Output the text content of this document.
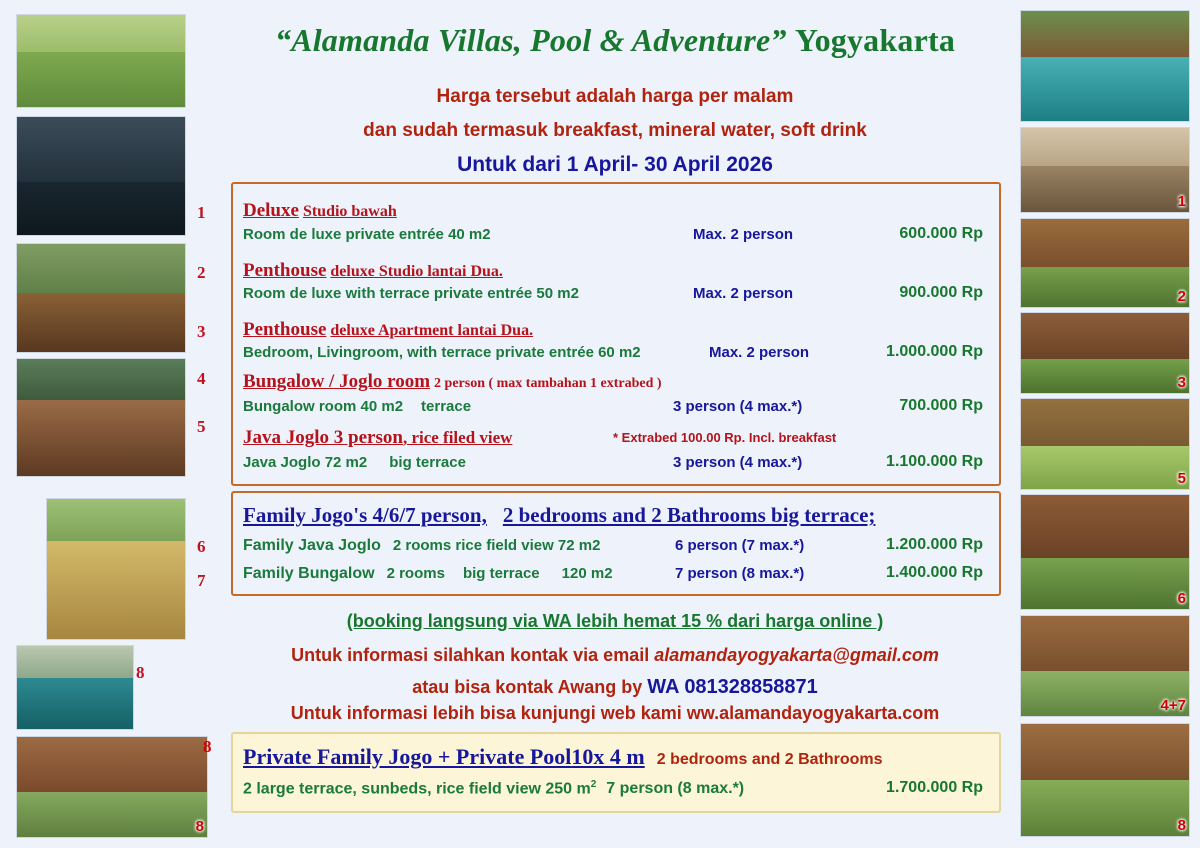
8
8
8
1
2
3
4
5
6
7
1
2
3
5
6
4+7
8
“Alamanda Villas, Pool & Adventure” Yogyakarta
Harga tersebut adalah harga per malam
dan sudah termasuk breakfast, mineral water, soft drink
Untuk dari 1 April- 30 April 2026
Deluxe Studio bawah
Room de luxe private entrée 40 m2	Max. 2 person	600.000 Rp
Penthouse deluxe Studio lantai Dua.
Room de luxe with terrace private entrée 50 m2	Max. 2 person	900.000 Rp
Penthouse deluxe Apartment lantai Dua.
Bedroom, Livingroom, with terrace private entrée 60 m2	Max. 2 person	1.000.000 Rp
Bungalow / Joglo room 2 person ( max tambahan 1 extrabed )
Bungalow room 40 m2 terrace	3 person (4 max.*)	700.000 Rp
Java Joglo 3 person, rice filed view	* Extrabed 100.00 Rp. Incl. breakfast
Java Joglo 72 m2 big terrace	3 person (4 max.*)	1.100.000 Rp
Family Jogo's 4/6/7 person, 2 bedrooms and 2 Bathrooms big terrace;
Family Java Joglo 2 rooms rice field view 72 m2	6 person (7 max.*)	1.200.000 Rp
Family Bungalow 2 rooms big terrace 120 m2	7 person (8 max.*)	1.400.000 Rp
(booking langsung via WA lebih hemat 15 % dari harga online )
Untuk informasi silahkan kontak via email alamandayogyakarta@gmail.com
atau bisa kontak Awang by WA 081328858871
Untuk informasi lebih bisa kunjungi web kami ww.alamandayogyakarta.com
Private Family Jogo + Private Pool10x 4 m 2 bedrooms and 2 Bathrooms
2 large terrace, sunbeds, rice field view 250 $m^2$ 7 person (8 max.*)	1.700.000 Rp
